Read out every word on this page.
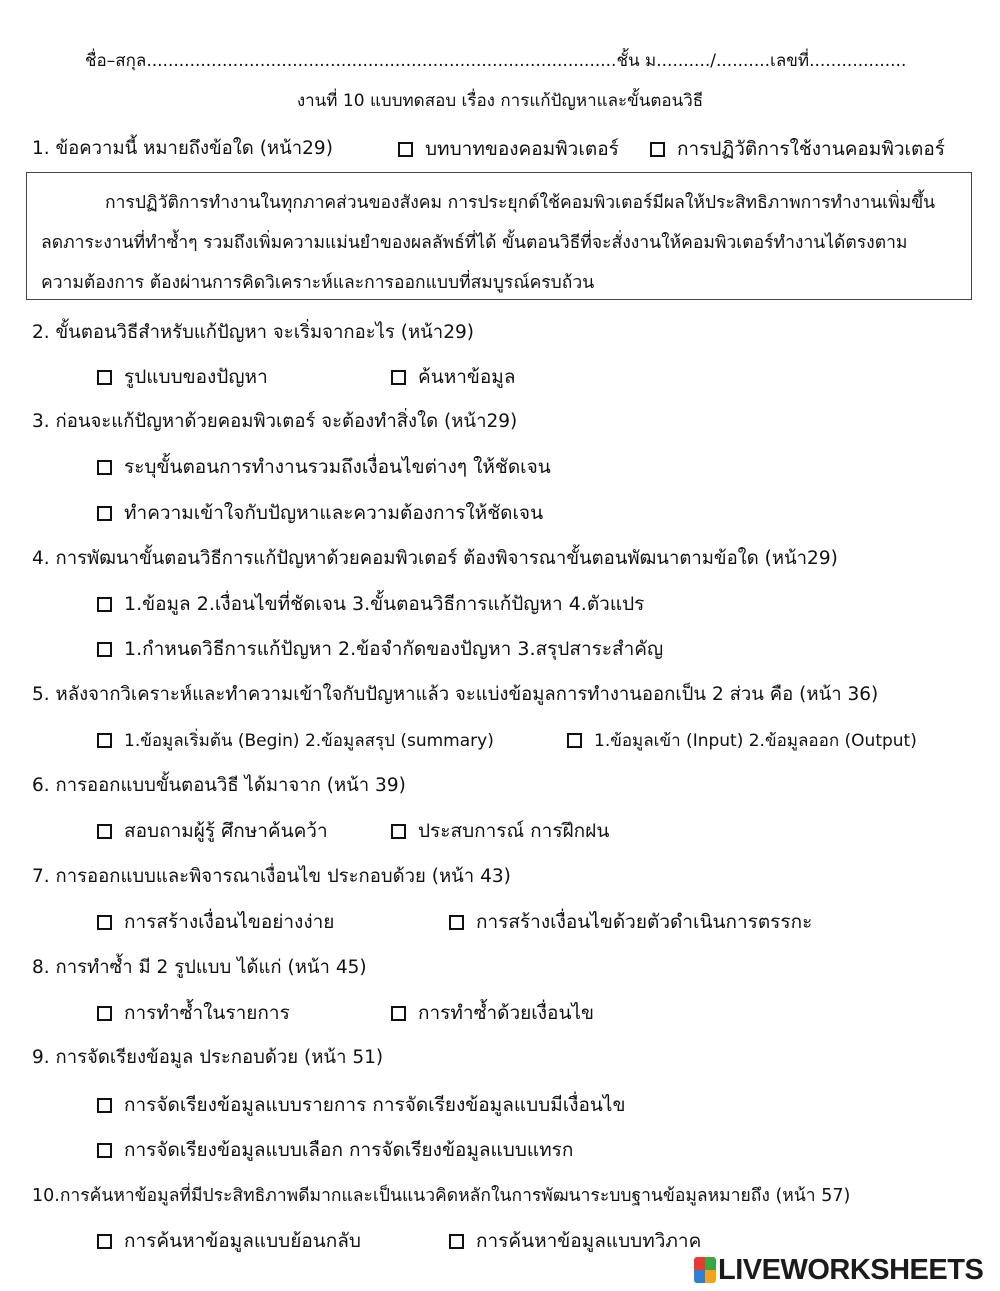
ชื่อ–สกุล.......................................................................................ชั้น ม........../..........เลขที่..................
งานที่ 10 แบบทดสอบ เรื่อง การแก้ปัญหาและขั้นตอนวิธี
1. ข้อความนี้ หมายถึงข้อใด (หน้า29)	บทบาทของคอมพิวเตอร์	การปฏิวัติการใช้งานคอมพิวเตอร์
การปฏิวัติการทำงานในทุกภาคส่วนของสังคม การประยุกต์ใช้คอมพิวเตอร์มีผลให้ประสิทธิภาพการทำงานเพิ่มขึ้น
ลดภาระงานที่ทำซ้ำๆ รวมถึงเพิ่มความแม่นยำของผลลัพธ์ที่ได้ ขั้นตอนวิธีที่จะสั่งงานให้คอมพิวเตอร์ทำงานได้ตรงตาม
ความต้องการ ต้องผ่านการคิดวิเคราะห์และการออกแบบที่สมบูรณ์ครบถ้วน
2. ขั้นตอนวิธีสำหรับแก้ปัญหา จะเริ่มจากอะไร (หน้า29)
รูปแบบของปัญหา	ค้นหาข้อมูล
3. ก่อนจะแก้ปัญหาด้วยคอมพิวเตอร์ จะต้องทำสิ่งใด (หน้า29)
ระบุขั้นตอนการทำงานรวมถึงเงื่อนไขต่างๆ ให้ชัดเจน
ทำความเข้าใจกับปัญหาและความต้องการให้ชัดเจน
4. การพัฒนาขั้นตอนวิธีการแก้ปัญหาด้วยคอมพิวเตอร์ ต้องพิจารณาขั้นตอนพัฒนาตามข้อใด (หน้า29)
1.ข้อมูล 2.เงื่อนไขที่ชัดเจน 3.ขั้นตอนวิธีการแก้ปัญหา 4.ตัวแปร
1.กำหนดวิธีการแก้ปัญหา 2.ข้อจำกัดของปัญหา 3.สรุปสาระสำคัญ
5. หลังจากวิเคราะห์และทำความเข้าใจกับปัญหาแล้ว จะแบ่งข้อมูลการทำงานออกเป็น 2 ส่วน คือ (หน้า 36)
1.ข้อมูลเริ่มต้น (Begin) 2.ข้อมูลสรุป (summary)	1.ข้อมูลเข้า (Input) 2.ข้อมูลออก (Output)
6. การออกแบบขั้นตอนวิธี ได้มาจาก (หน้า 39)
สอบถามผู้รู้ ศึกษาค้นคว้า	ประสบการณ์ การฝึกฝน
7. การออกแบบและพิจารณาเงื่อนไข ประกอบด้วย (หน้า 43)
การสร้างเงื่อนไขอย่างง่าย	การสร้างเงื่อนไขด้วยตัวดำเนินการตรรกะ
8. การทำซ้ำ มี 2 รูปแบบ ได้แก่ (หน้า 45)
การทำซ้ำในรายการ	การทำซ้ำด้วยเงื่อนไข
9. การจัดเรียงข้อมูล ประกอบด้วย (หน้า 51)
การจัดเรียงข้อมูลแบบรายการ การจัดเรียงข้อมูลแบบมีเงื่อนไข
การจัดเรียงข้อมูลแบบเลือก การจัดเรียงข้อมูลแบบแทรก
10.การค้นหาข้อมูลที่มีประสิทธิภาพดีมากและเป็นแนวคิดหลักในการพัฒนาระบบฐานข้อมูลหมายถึง (หน้า 57)
การค้นหาข้อมูลแบบย้อนกลับ	การค้นหาข้อมูลแบบทวิภาค
LIVEWORKSHEETS
